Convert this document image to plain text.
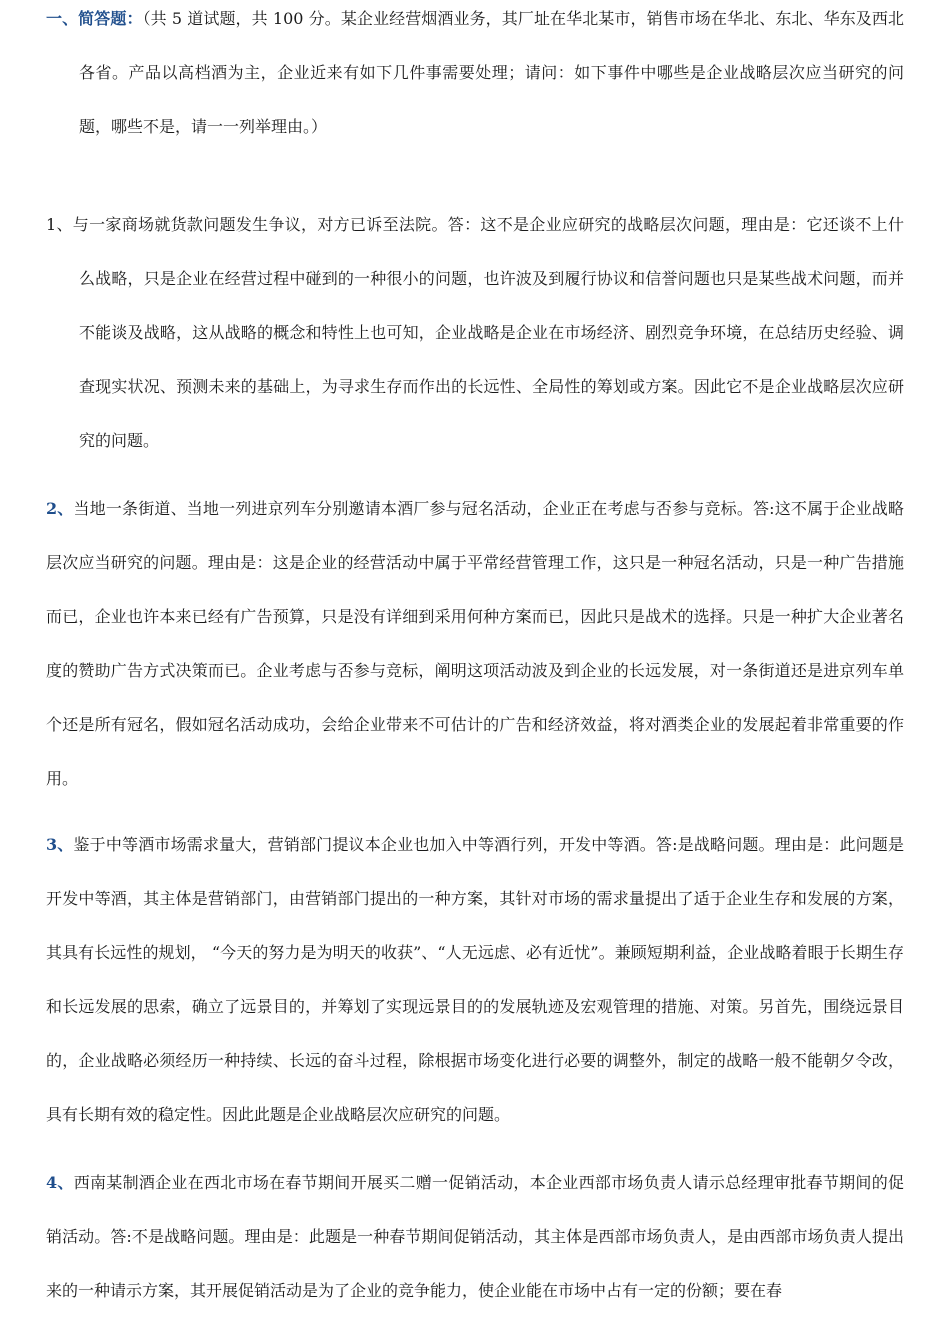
一、简答题：（共 5 道试题，共 100 分。某企业经营烟酒业务，其厂址在华北某市，销售市场在华北、东北、华东及西北各省。产品以高档酒为主，企业近来有如下几件事需要处理；请问：如下事件中哪些是企业战略层次应当研究的问题，哪些不是，请一一列举理由。）

1、与一家商场就货款问题发生争议，对方已诉至法院。答：这不是企业应研究的战略层次问题，理由是：它还谈不上什么战略，只是企业在经营过程中碰到的一种很小的问题，也许波及到履行协议和信誉问题也只是某些战术问题，而并不能谈及战略，这从战略的概念和特性上也可知，企业战略是企业在市场经济、剧烈竞争环境，在总结历史经验、调查现实状况、预测未来的基础上，为寻求生存而作出的长远性、全局性的筹划或方案。因此它不是企业战略层次应研究的问题。

2、当地一条街道、当地一列进京列车分别邀请本酒厂参与冠名活动，企业正在考虑与否参与竞标。答:这不属于企业战略层次应当研究的问题。理由是：这是企业的经营活动中属于平常经营管理工作，这只是一种冠名活动，只是一种广告措施而已，企业也许本来已经有广告预算，只是没有详细到采用何种方案而已，因此只是战术的选择。只是一种扩大企业著名度的赞助广告方式决策而已。企业考虑与否参与竞标，阐明这项活动波及到企业的长远发展，对一条街道还是进京列车单个还是所有冠名，假如冠名活动成功，会给企业带来不可估计的广告和经济效益，将对酒类企业的发展起着非常重要的作用。

3、鉴于中等酒市场需求量大，营销部门提议本企业也加入中等酒行列，开发中等酒。答:是战略问题。理由是：此问题是开发中等酒，其主体是营销部门，由营销部门提出的一种方案，其针对市场的需求量提出了适于企业生存和发展的方案，其具有长远性的规划， “今天的努力是为明天的收获”、“人无远虑、必有近忧”。兼顾短期利益，企业战略着眼于长期生存和长远发展的思索，确立了远景目的，并筹划了实现远景目的的发展轨迹及宏观管理的措施、对策。另首先，围绕远景目的，企业战略必须经历一种持续、长远的奋斗过程，除根据市场变化进行必要的调整外，制定的战略一般不能朝夕令改，具有长期有效的稳定性。因此此题是企业战略层次应研究的问题。

4、西南某制酒企业在西北市场在春节期间开展买二赠一促销活动，本企业西部市场负责人请示总经理审批春节期间的促销活动。答:不是战略问题。理由是：此题是一种春节期间促销活动，其主体是西部市场负责人，是由西部市场负责人提出来的一种请示方案，其开展促销活动是为了企业的竞争能力，使企业能在市场中占有一定的份额；要在春
